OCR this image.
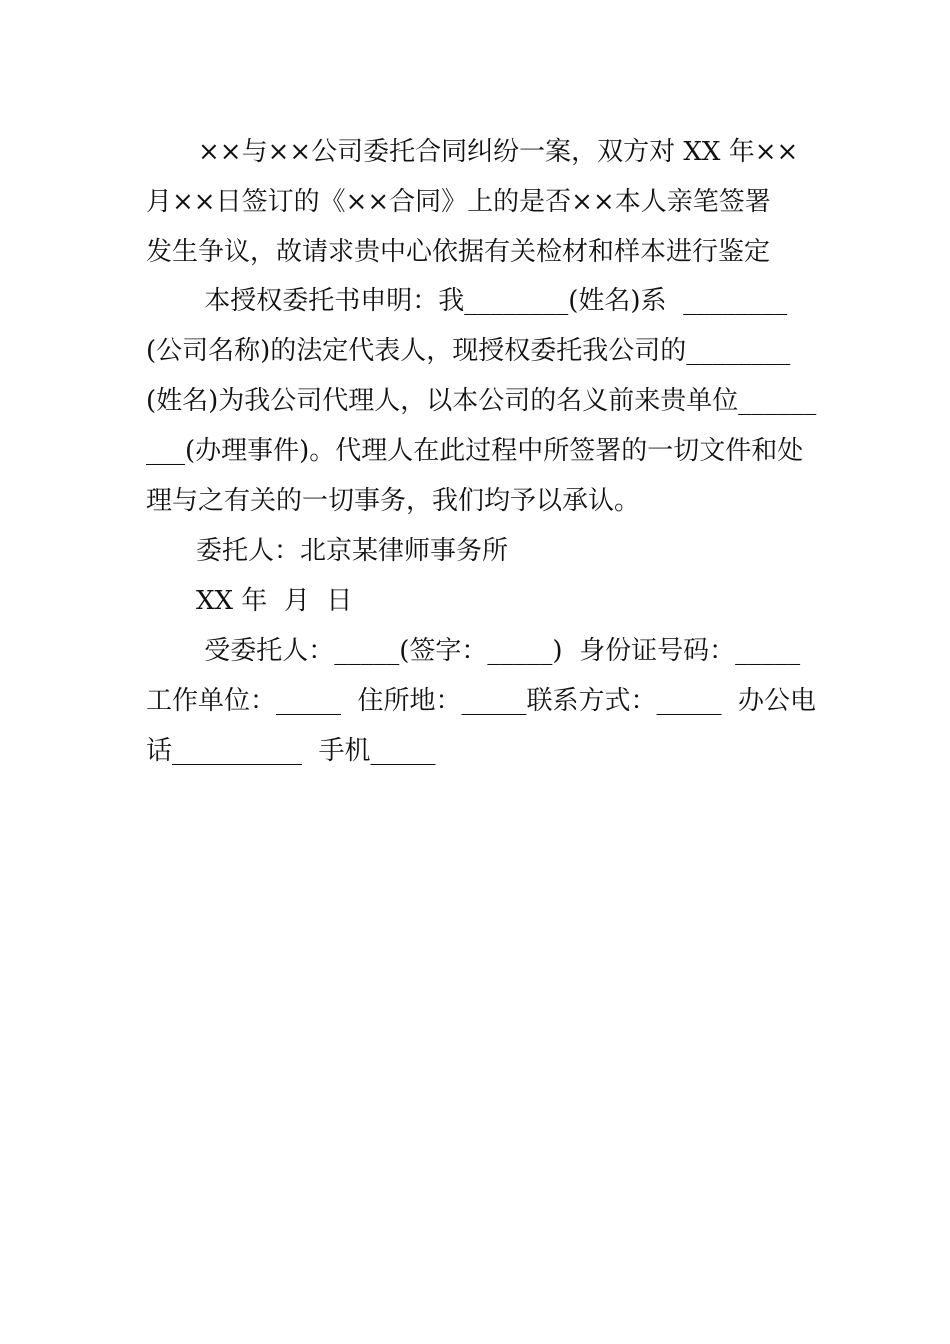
××与××公司委托合同纠纷一案，双方对 XX 年××
月××日签订的《××合同》上的是否××本人亲笔签署
发生争议，故请求贵中心依据有关检材和样本进行鉴定
本授权委托书申明：我________(姓名)系  ________
(公司名称)的法定代表人，现授权委托我公司的________
(姓名)为我公司代理人，以本公司的名义前来贵单位______
___(办理事件)。代理人在此过程中所签署的一切文件和处
理与之有关的一切事务，我们均予以承认。
委托人：北京某律师事务所
XX 年  月  日
受委托人：_____(签字：_____)  身份证号码：_____
工作单位：_____  住所地：_____联系方式：_____  办公电
话__________  手机_____
